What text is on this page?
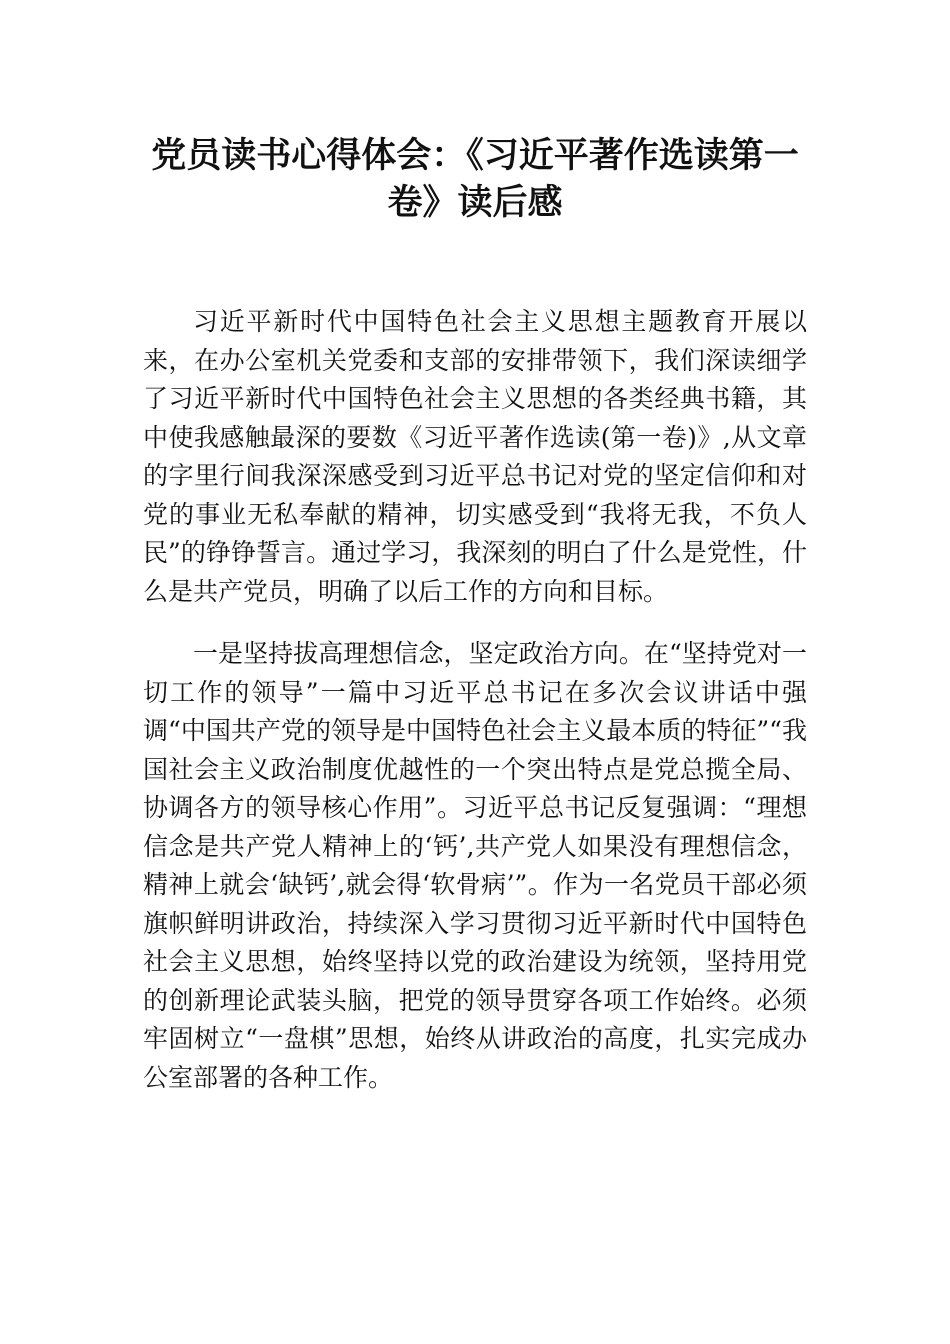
党员读书心得体会：《习近平著作选读第一卷》读后感

习近平新时代中国特色社会主义思想主题教育开展以来，在办公室机关党委和支部的安排带领下，我们深读细学了习近平新时代中国特色社会主义思想的各类经典书籍，其中使我感触最深的要数《习近平著作选读(第一卷)》,从文章的字里行间我深深感受到习近平总书记对党的坚定信仰和对党的事业无私奉献的精神，切实感受到“我将无我，不负人民”的铮铮誓言。通过学习，我深刻的明白了什么是党性，什么是共产党员，明确了以后工作的方向和目标。

一是坚持拔高理想信念，坚定政治方向。在“坚持党对一切工作的领导”一篇中习近平总书记在多次会议讲话中强调“中国共产党的领导是中国特色社会主义最本质的特征”“我国社会主义政治制度优越性的一个突出特点是党总揽全局、协调各方的领导核心作用”。习近平总书记反复强调：“理想信念是共产党人精神上的‘钙’,共产党人如果没有理想信念，精神上就会‘缺钙’,就会得‘软骨病’”。作为一名党员干部必须旗帜鲜明讲政治，持续深入学习贯彻习近平新时代中国特色社会主义思想，始终坚持以党的政治建设为统领，坚持用党的创新理论武装头脑，把党的领导贯穿各项工作始终。必须牢固树立“一盘棋”思想，始终从讲政治的高度，扎实完成办公室部署的各种工作。
